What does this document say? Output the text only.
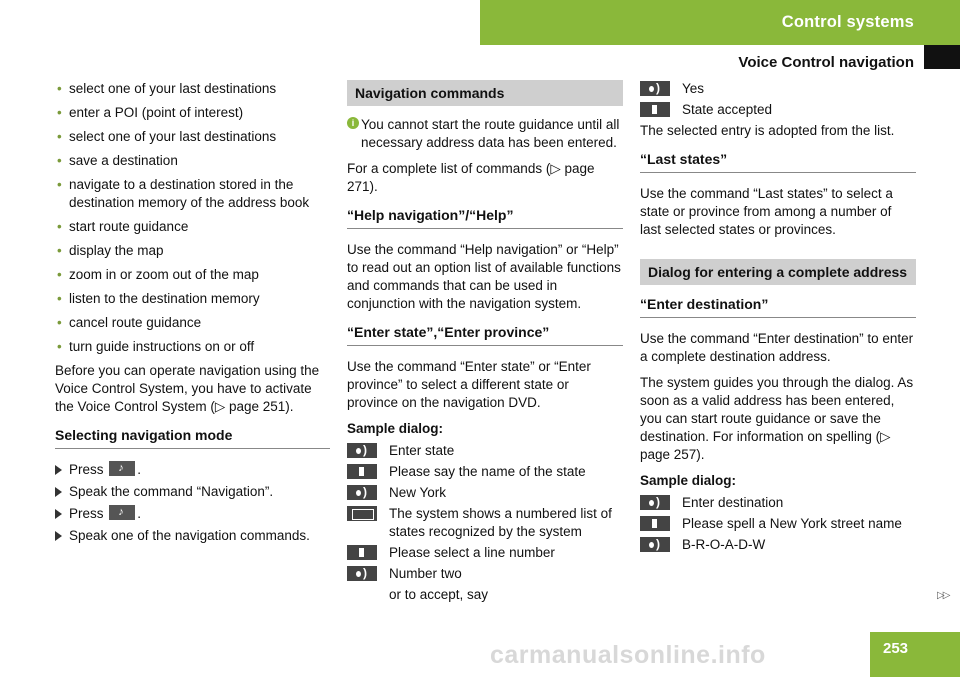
Control systems
Voice Control navigation
• select one of your last destinations
• enter a POI (point of interest)
• select one of your last destinations
• save a destination
• navigate to a destination stored in the destination memory of the address book
• start route guidance
• display the map
• zoom in or zoom out of the map
• listen to the destination memory
• cancel route guidance
• turn guide instructions on or off

Before you can operate navigation using the Voice Control System, you have to activate the Voice Control System (▷ page 251).

Selecting navigation mode
Press ♪	.
Speak the command “Navigation”.
Press ♪	.
Speak one of the navigation commands.
Navigation commands
i You cannot start the route guidance until all necessary address data has been entered.

For a complete list of commands (▷ page 271).

“Help navigation”/“Help”

Use the command “Help navigation” or “Help” to read out an option list of available functions and commands that can be used in conjunction with the navigation system.

“Enter state”,“Enter province”

Use the command “Enter state” or “Enter province” to select a different state or province on the navigation DVD.

Sample dialog:
)
Enter state
Please say the name of the state
)
New York
The system shows a numbered list of states recognized by the system
Please select a line number
)
Number two
or to accept, say
)
Yes
State accepted

The selected entry is adopted from the list.

“Last states”

Use the command “Last states” to select a state or province from among a number of last selected states or provinces.

Dialog for entering a complete address
“Enter destination”

Use the command “Enter destination” to enter a complete destination address.

The system guides you through the dialog. As soon as a valid address has been entered, you can start route guidance or save the destination. For information on spelling (▷ page 257).

Sample dialog:
)
Enter destination
Please spell a New York street name
)
B-R-O-A-D-W
▷▷
carmanualsonline.info	253
